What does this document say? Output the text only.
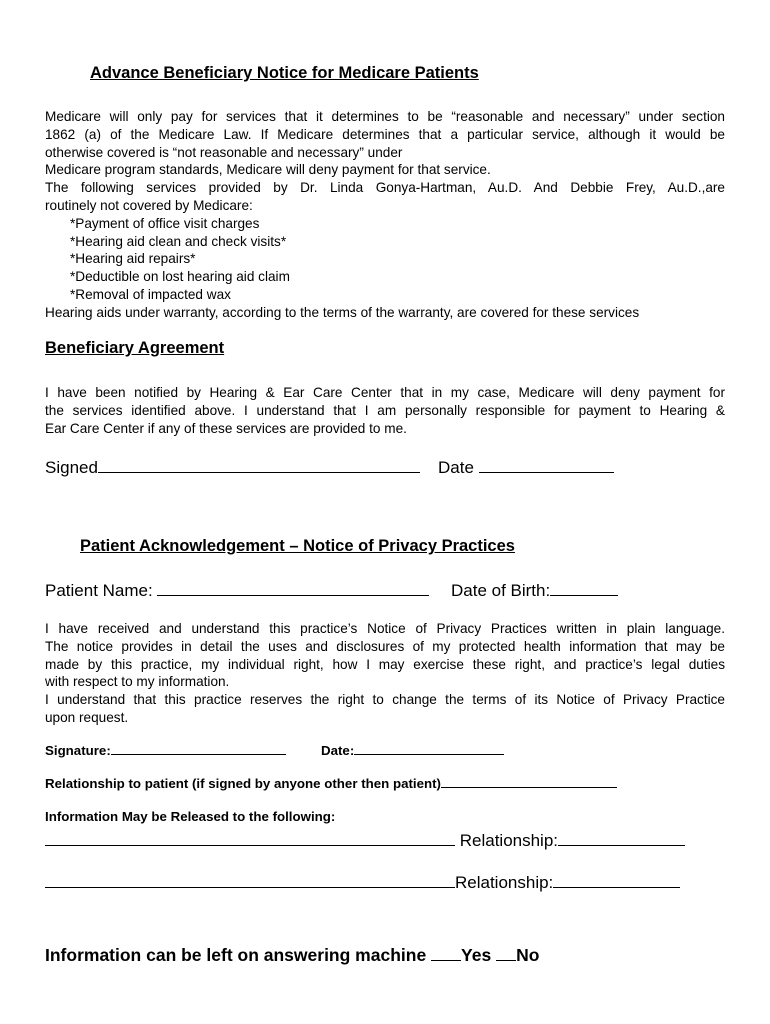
Advance Beneficiary Notice for Medicare Patients
Medicare will only pay for services that it determines to be “reasonable and necessary” under section
1862 (a) of the Medicare Law. If Medicare determines that a particular service, although it would be
otherwise covered is “not reasonable and necessary” under
Medicare program standards, Medicare will deny payment for that service.
The following services provided by Dr. Linda Gonya-Hartman, Au.D. And Debbie Frey, Au.D.,are
routinely not covered by Medicare:
*Payment of office visit charges
*Hearing aid clean and check visits*
*Hearing aid repairs*
*Deductible on lost hearing aid claim
*Removal of impacted wax
Hearing aids under warranty, according to the terms of the warranty, are covered for these services
Beneficiary Agreement
I have been notified by Hearing & Ear Care Center that in my case, Medicare will deny payment for
the services identified above. I understand that I am personally responsible for payment to Hearing &
Ear Care Center if any of these services are provided to me.
Signed	Date
Patient Acknowledgement – Notice of Privacy Practices
Patient Name:	Date of Birth:
I have received and understand this practice’s Notice of Privacy Practices written in plain language.
The notice provides in detail the uses and disclosures of my protected health information that may be
made by this practice, my individual right, how I may exercise these right, and practice’s legal duties
with respect to my information.
I understand that this practice reserves the right to change the terms of its Notice of Privacy Practice
upon request.
Signature:	Date:
Relationship to patient (if signed by anyone other then patient)
Information May be Released to the following:
Relationship:
Relationship:
Information can be left on answering machine Yes No
